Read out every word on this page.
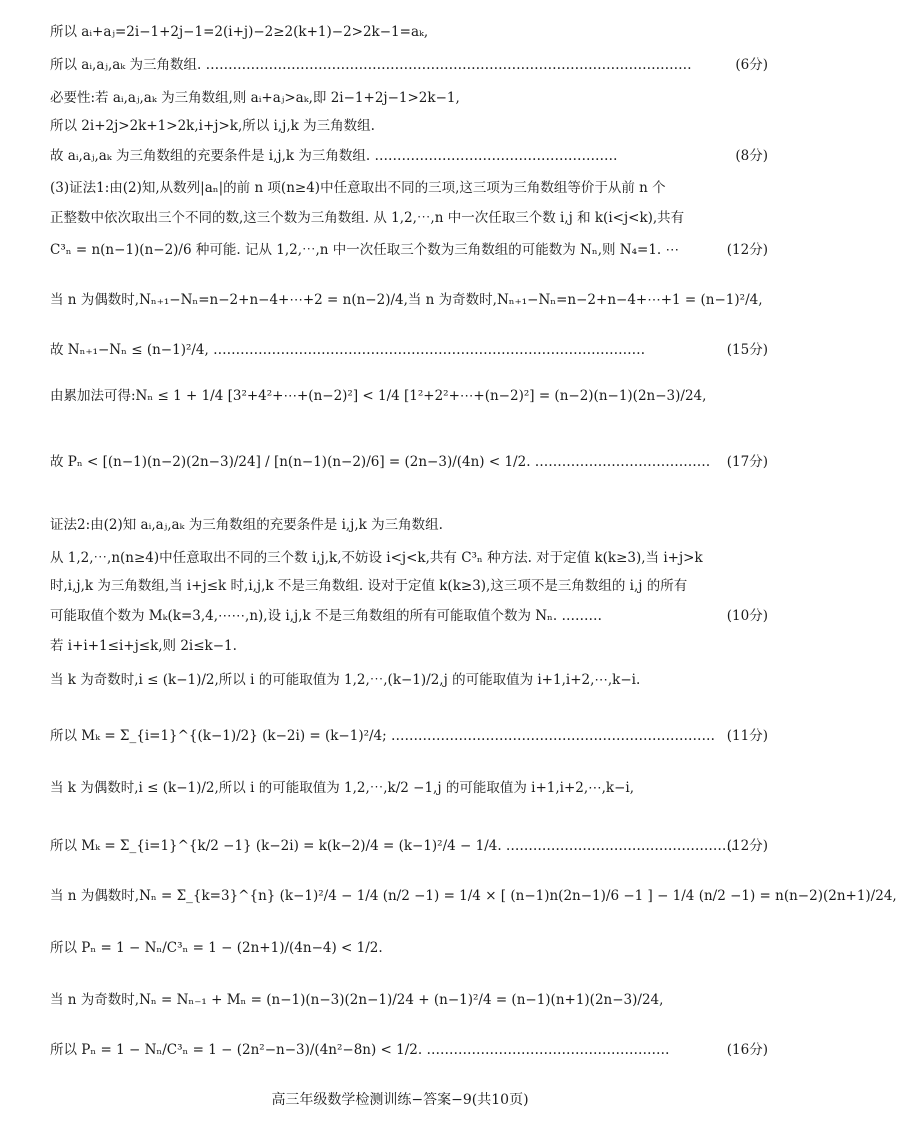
所以 aᵢ+aⱼ=2i−1+2j−1=2(i+j)−2≥2(k+1)−2>2k−1=aₖ,
所以 aᵢ,aⱼ,aₖ 为三角数组. ………………………………………………………………………………………………	(6分)
必要性:若 aᵢ,aⱼ,aₖ 为三角数组,则 aᵢ+aⱼ>aₖ,即 2i−1+2j−1>2k−1,
所以 2i+2j>2k+1>2k,i+j>k,所以 i,j,k 为三角数组.
故 aᵢ,aⱼ,aₖ 为三角数组的充要条件是 i,j,k 为三角数组. ………………………………………………	(8分)
(3)证法1:由(2)知,从数列|aₙ|的前 n 项(n≥4)中任意取出不同的三项,这三项为三角数组等价于从前 n 个
正整数中依次取出三个不同的数,这三个数为三角数组. 从 1,2,⋯,n 中一次任取三个数 i,j 和 k(i<j<k),共有
C³ₙ = n(n−1)(n−2)/6 种可能. 记从 1,2,⋯,n 中一次任取三个数为三角数组的可能数为 Nₙ,则 N₄=1. ⋯	(12分)
当 n 为偶数时,Nₙ₊₁−Nₙ=n−2+n−4+⋯+2 = n(n−2)/4,当 n 为奇数时,Nₙ₊₁−Nₙ=n−2+n−4+⋯+1 = (n−1)²/4,
故 Nₙ₊₁−Nₙ ≤ (n−1)²/4, ……………………………………………………………………………………	(15分)
由累加法可得:Nₙ ≤ 1 + 1/4 [3²+4²+⋯+(n−2)²] < 1/4 [1²+2²+⋯+(n−2)²] = (n−2)(n−1)(2n−3)/24,
故 Pₙ < [(n−1)(n−2)(2n−3)/24] / [n(n−1)(n−2)/6] = (2n−3)/(4n) < 1/2. ………………………………… (17分)
证法2:由(2)知 aᵢ,aⱼ,aₖ 为三角数组的充要条件是 i,j,k 为三角数组.
从 1,2,⋯,n(n≥4)中任意取出不同的三个数 i,j,k,不妨设 i<j<k,共有 C³ₙ 种方法. 对于定值 k(k≥3),当 i+j>k
时,i,j,k 为三角数组,当 i+j≤k 时,i,j,k 不是三角数组. 设对于定值 k(k≥3),这三项不是三角数组的 i,j 的所有
可能取值个数为 Mₖ(k=3,4,⋯⋯,n),设 i,j,k 不是三角数组的所有可能取值个数为 Nₙ. ………	(10分)
若 i+i+1≤i+j≤k,则 2i≤k−1.
当 k 为奇数时,i ≤ (k−1)/2,所以 i 的可能取值为 1,2,⋯,(k−1)/2,j 的可能取值为 i+1,i+2,⋯,k−i.
所以 Mₖ = Σ_{i=1}^{(k−1)/2} (k−2i) = (k−1)²/4; ……………………………………………………………… (11分)
当 k 为偶数时,i ≤ (k−1)/2,所以 i 的可能取值为 1,2,⋯,k/2 −1,j 的可能取值为 i+1,i+2,⋯,k−i,
所以 Mₖ = Σ_{i=1}^{k/2 −1} (k−2i) = k(k−2)/4 = (k−1)²/4 − 1/4. ……………………………………………
(12分)
当 n 为偶数时,Nₙ = Σ_{k=3}^{n} (k−1)²/4 − 1/4 (n/2 −1) = 1/4 × [ (n−1)n(2n−1)/6 −1 ] − 1/4 (n/2 −1) = n(n−2)(2n+1)/24,
所以 Pₙ = 1 − Nₙ/C³ₙ = 1 − (2n+1)/(4n−4) < 1/2.
当 n 为奇数时,Nₙ = Nₙ₋₁ + Mₙ = (n−1)(n−3)(2n−1)/24 + (n−1)²/4 = (n−1)(n+1)(2n−3)/24,
所以 Pₙ = 1 − Nₙ/C³ₙ = 1 − (2n²−n−3)/(4n²−8n) < 1/2. ………………………………………………	(16分)
高三年级数学检测训练−答案−9(共10页)
